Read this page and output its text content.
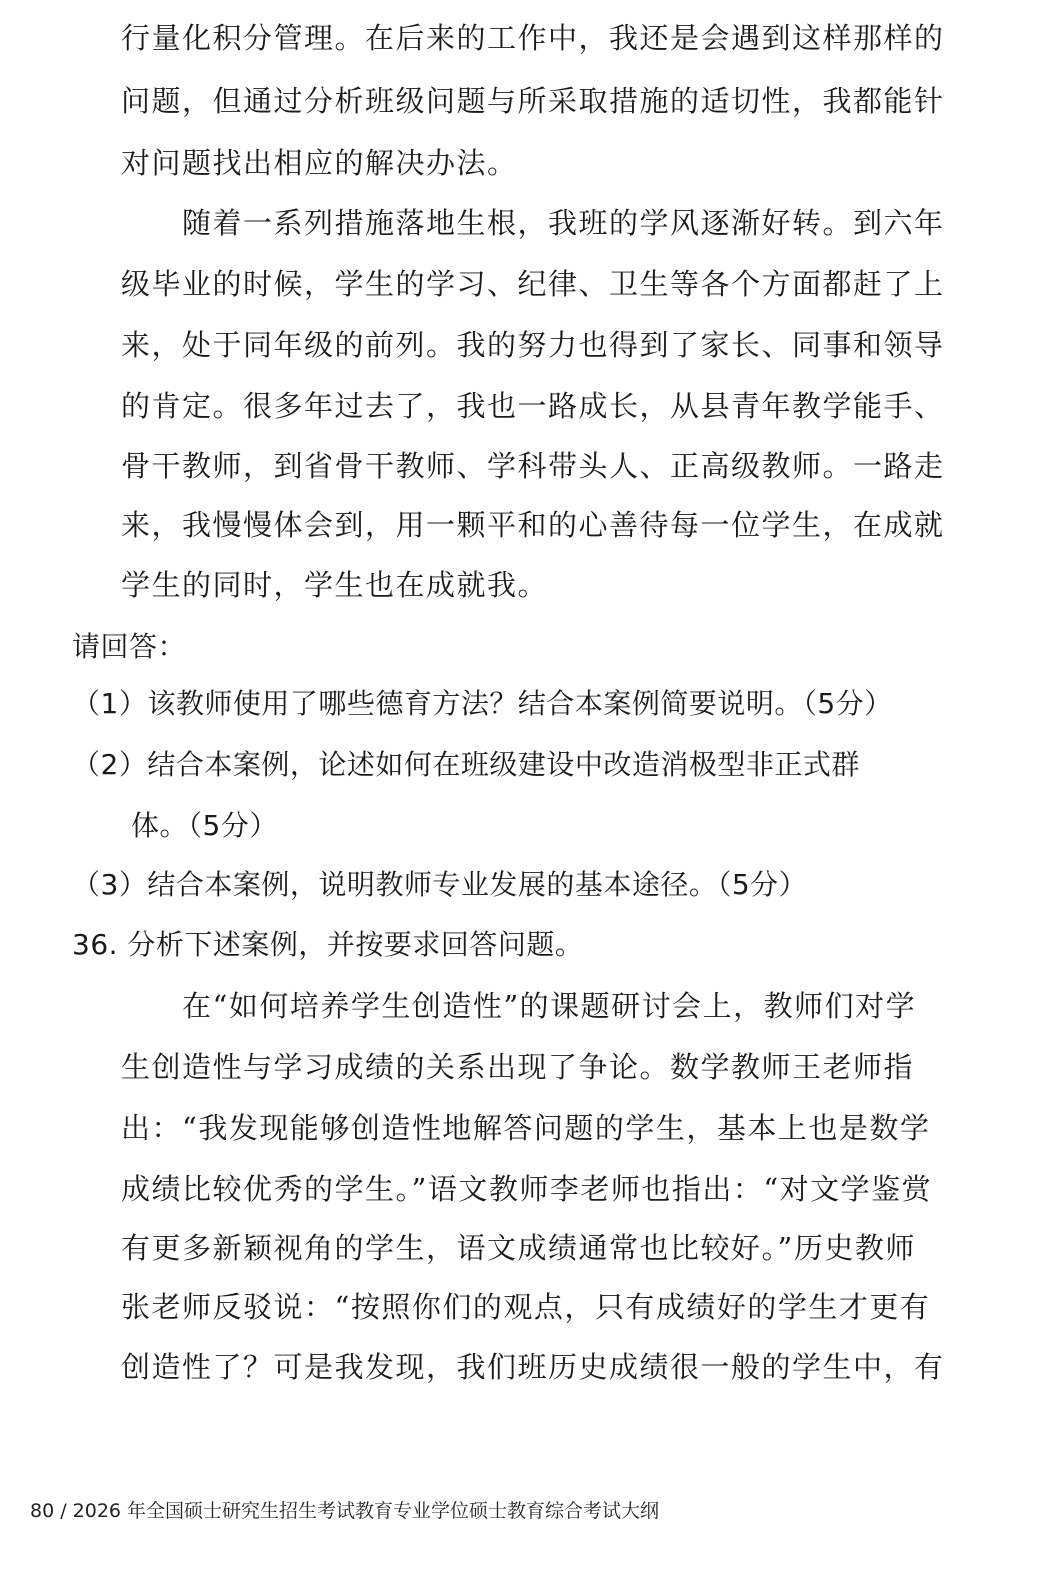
行量化积分管理。在后来的工作中，我还是会遇到这样那样的
问题，但通过分析班级问题与所采取措施的适切性，我都能针
对问题找出相应的解决办法。
　　随着一系列措施落地生根，我班的学风逐渐好转。到六年
级毕业的时候，学生的学习、纪律、卫生等各个方面都赶了上
来，处于同年级的前列。我的努力也得到了家长、同事和领导
的肯定。很多年过去了，我也一路成长，从县青年教学能手、
骨干教师，到省骨干教师、学科带头人、正高级教师。一路走
来，我慢慢体会到，用一颗平和的心善待每一位学生，在成就
学生的同时，学生也在成就我。
请回答：
（1）该教师使用了哪些德育方法？结合本案例简要说明。（5分）
（2）结合本案例，论述如何在班级建设中改造消极型非正式群
体。（5分）
（3）结合本案例，说明教师专业发展的基本途径。（5分）
36. 分析下述案例，并按要求回答问题。
　　在“如何培养学生创造性”的课题研讨会上，教师们对学
生创造性与学习成绩的关系出现了争论。数学教师王老师指
出：“我发现能够创造性地解答问题的学生，基本上也是数学
成绩比较优秀的学生。”语文教师李老师也指出：“对文学鉴赏
有更多新颖视角的学生，语文成绩通常也比较好。”历史教师
张老师反驳说：“按照你们的观点，只有成绩好的学生才更有
创造性了？可是我发现，我们班历史成绩很一般的学生中，有
80 / 2026 年全国硕士研究生招生考试教育专业学位硕士教育综合考试大纲
